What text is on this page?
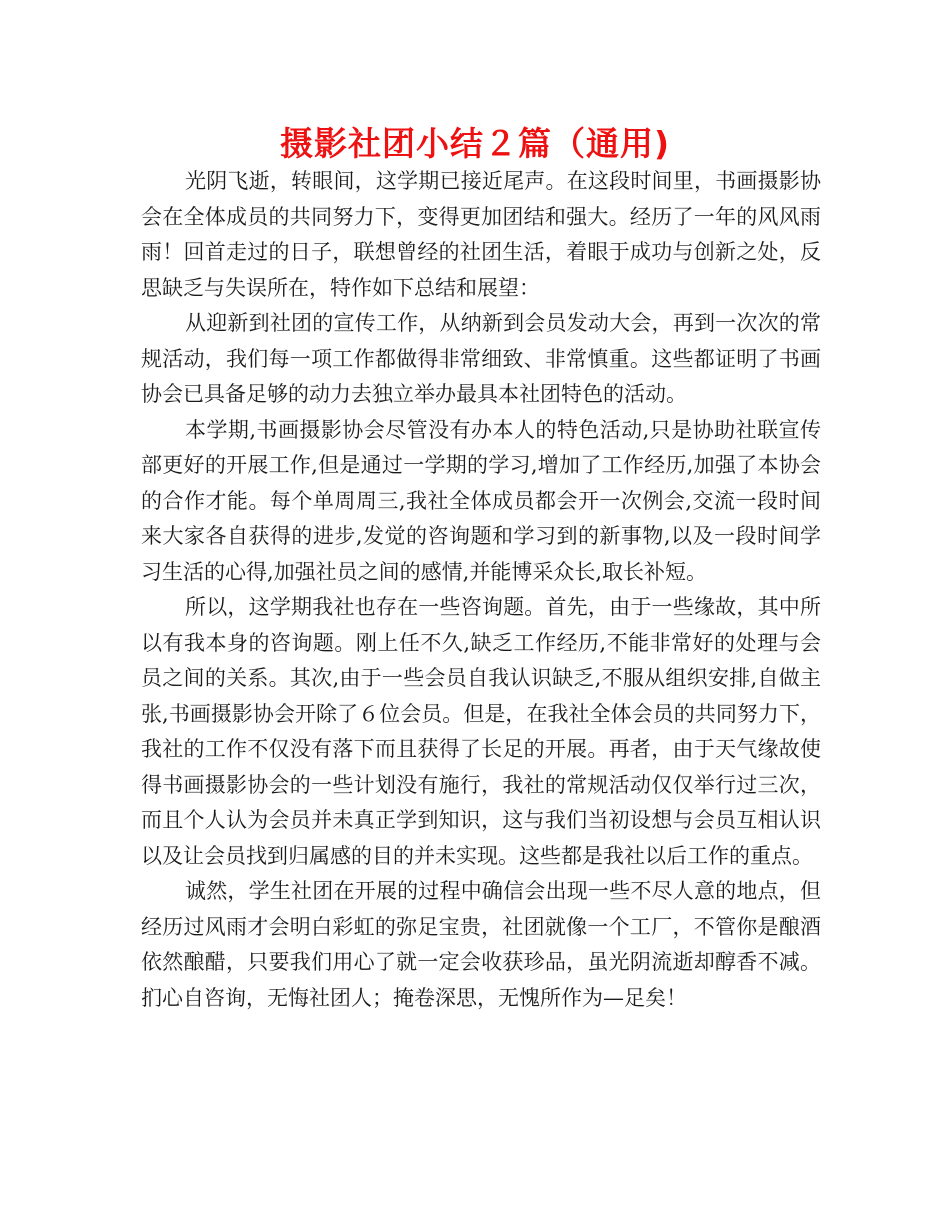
摄影社团小结２篇（通用)

光阴飞逝，转眼间，这学期已接近尾声。在这段时间里，书画摄影协会在全体成员的共同努力下，变得更加团结和强大。经历了一年的风风雨雨！回首走过的日子，联想曾经的社团生活，着眼于成功与创新之处，反思缺乏与失误所在，特作如下总结和展望：

从迎新到社团的宣传工作，从纳新到会员发动大会，再到一次次的常规活动，我们每一项工作都做得非常细致、非常慎重。这些都证明了书画协会已具备足够的动力去独立举办最具本社团特色的活动。

本学期,书画摄影协会尽管没有办本人的特色活动,只是协助社联宣传部更好的开展工作,但是通过一学期的学习,增加了工作经历,加强了本协会的合作才能。每个单周周三,我社全体成员都会开一次例会,交流一段时间来大家各自获得的进步,发觉的咨询题和学习到的新事物,以及一段时间学习生活的心得,加强社员之间的感情,并能博采众长,取长补短。

所以，这学期我社也存在一些咨询题。首先，由于一些缘故，其中所以有我本身的咨询题。刚上任不久,缺乏工作经历,不能非常好的处理与会员之间的关系。其次,由于一些会员自我认识缺乏,不服从组织安排,自做主张,书画摄影协会开除了６位会员。但是，在我社全体会员的共同努力下，我社的工作不仅没有落下而且获得了长足的开展。再者，由于天气缘故使得书画摄影协会的一些计划没有施行，我社的常规活动仅仅举行过三次，而且个人认为会员并未真正学到知识，这与我们当初设想与会员互相认识以及让会员找到归属感的目的并未实现。这些都是我社以后工作的重点。

诚然，学生社团在开展的过程中确信会出现一些不尽人意的地点，但经历过风雨才会明白彩虹的弥足宝贵，社团就像一个工厂，不管你是酿酒依然酿醋，只要我们用心了就一定会收获珍品，虽光阴流逝却醇香不减。扪心自咨询，无悔社团人；掩卷深思，无愧所作为—足矣！
